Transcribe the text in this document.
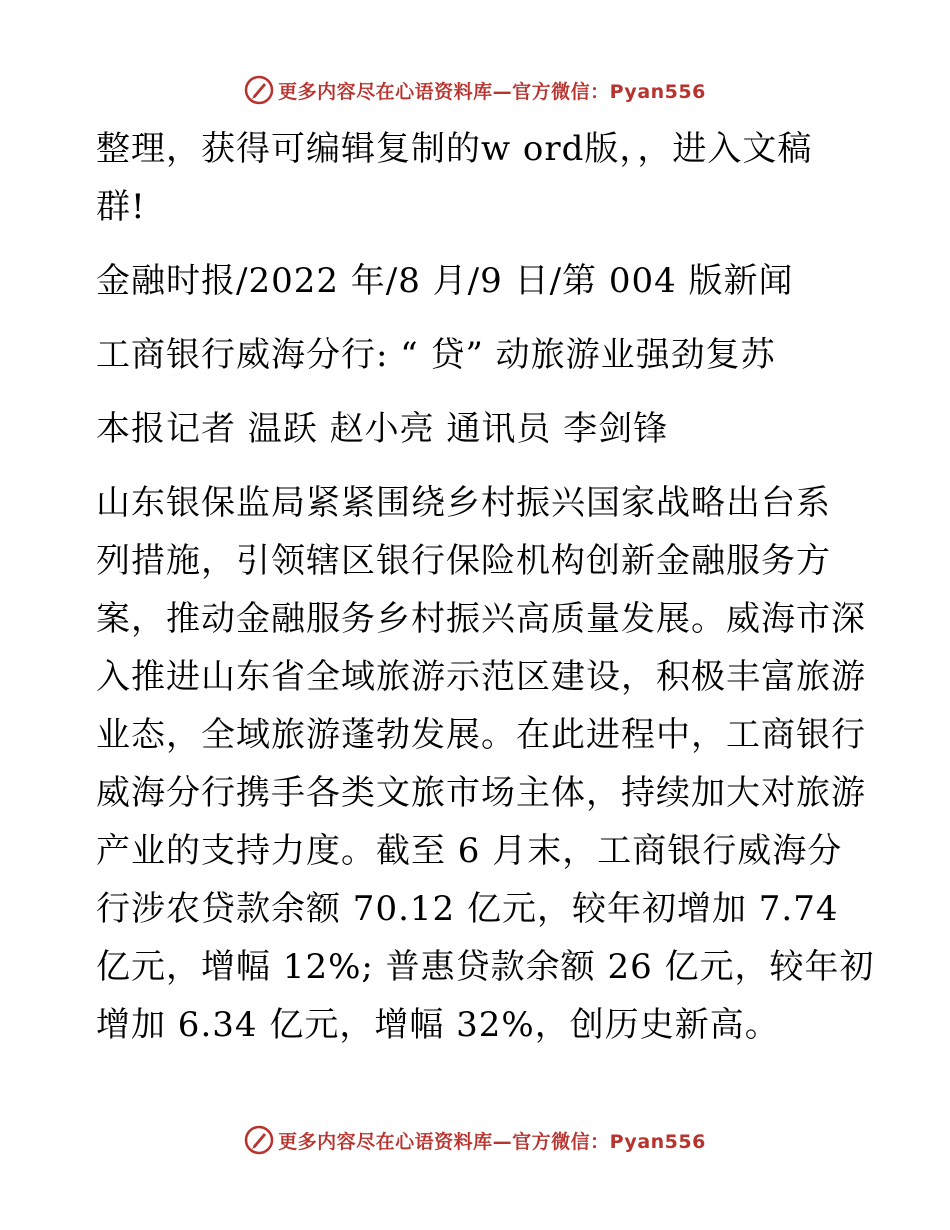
更多内容尽在心语资料库—官方微信：Pyan556
整理，获得可编辑复制的w ord版，，进入文稿
群!
金融时报/2022 年/8 月/9 日/第 004 版新闻
工商银行威海分行: “ 贷” 动旅游业强劲复苏
本报记者 温跃 赵小亮 通讯员 李剑锋
山东银保监局紧紧围绕乡村振兴国家战略出台系
列措施，引领辖区银行保险机构创新金融服务方
案，推动金融服务乡村振兴高质量发展。威海市深
入推进山东省全域旅游示范区建设，积极丰富旅游
业态，全域旅游蓬勃发展。在此进程中，工商银行
威海分行携手各类文旅市场主体，持续加大对旅游
产业的支持力度。截至 6 月末，工商银行威海分
行涉农贷款余额 70.12 亿元，较年初增加 7.74
亿元，增幅 12%; 普惠贷款余额 26 亿元，较年初
增加 6.34 亿元，增幅 32%，创历史新高。
更多内容尽在心语资料库—官方微信：Pyan556
